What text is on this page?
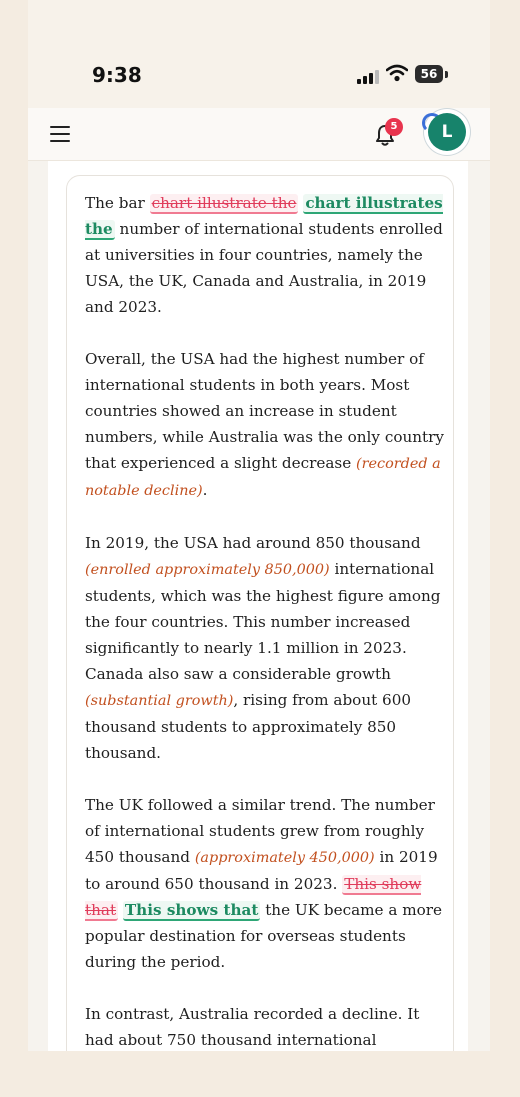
9:38	56
5	L

The bar chart illustrate the chart illustrates the number of international students enrolled at universities in four countries, namely the USA, the UK, Canada and Australia, in 2019 and 2023.

Overall, the USA had the highest number of international students in both years. Most countries showed an increase in student numbers, while Australia was the only country that experienced a slight decrease (recorded a notable decline).

In 2019, the USA had around 850 thousand (enrolled approximately 850,000) international students, which was the highest figure among the four countries. This number increased significantly to nearly 1.1 million in 2023. Canada also saw a considerable growth (substantial growth), rising from about 600 thousand students to approximately 850 thousand.

The UK followed a similar trend. The number of international students grew from roughly 450 thousand (approximately 450,000) in 2019 to around 650 thousand in 2023. This show that This shows that the UK became a more popular destination for overseas students during the period.

In contrast, Australia recorded a decline. It had about 750 thousand international
